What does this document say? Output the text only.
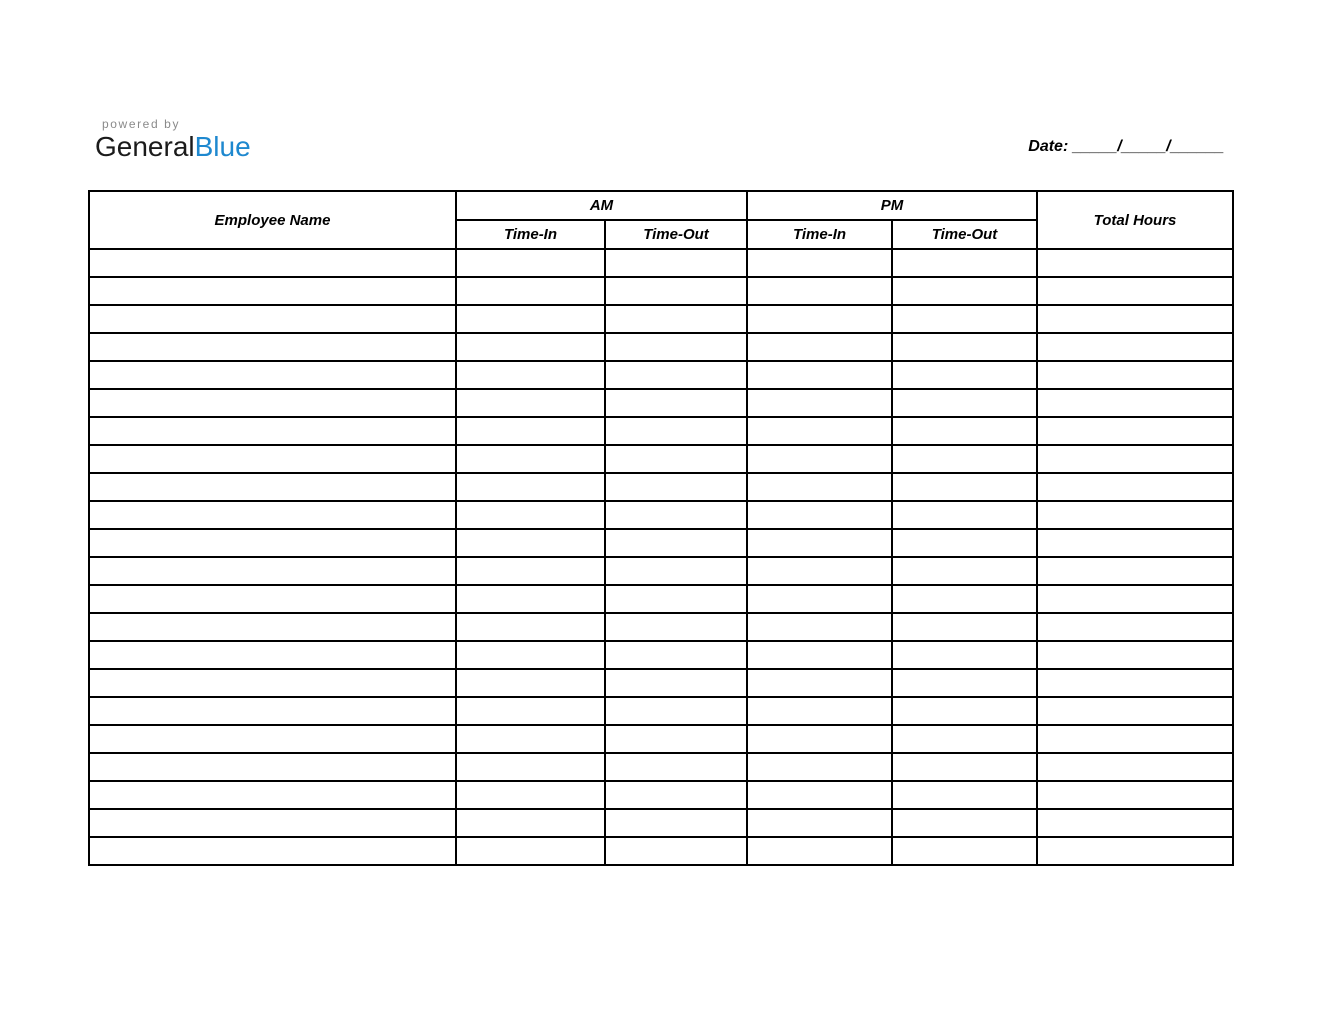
powered by
GeneralBlue	Date: _____/_____/______
Employee Name	AM		PM		Total Hours
	Time-In	Time-Out	Time-In	Time-Out	
